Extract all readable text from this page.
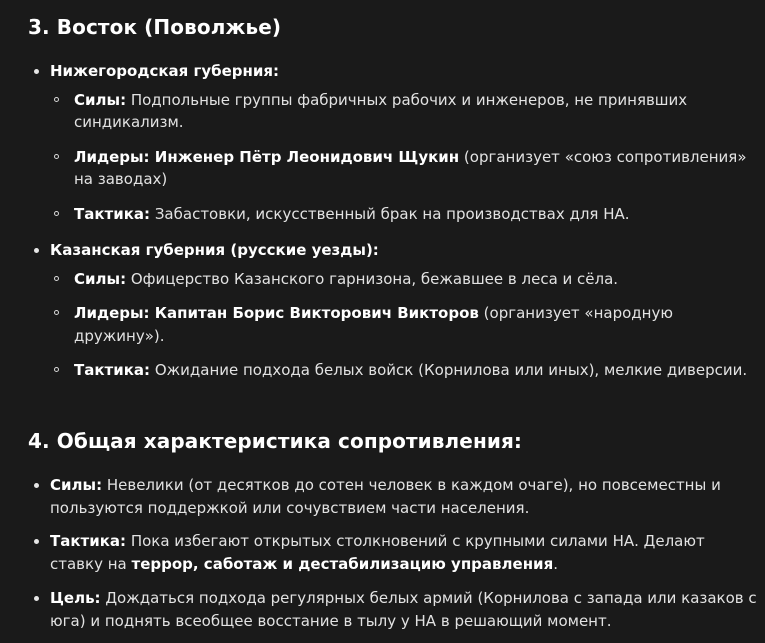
3. Восток (Поволжье)
Нижегородская губерния:
Силы: Подпольные группы фабричных рабочих и инженеров, не принявших синдикализм.
Лидеры: Инженер Пётр Леонидович Щукин (организует «союз сопротивления» на заводах)
Тактика: Забастовки, искусственный брак на производствах для НА.
Казанская губерния (русские уезды):
Силы: Офицерство Казанского гарнизона, бежавшее в леса и сёла.
Лидеры: Капитан Борис Викторович Викторов (организует «народную дружину»).
Тактика: Ожидание подхода белых войск (Корнилова или иных), мелкие диверсии.
4. Общая характеристика сопротивления:
Силы: Невелики (от десятков до сотен человек в каждом очаге), но повсеместны и пользуются поддержкой или сочувствием части населения.
Тактика: Пока избегают открытых столкновений с крупными силами НА. Делают ставку на террор, саботаж и дестабилизацию управления.
Цель: Дождаться подхода регулярных белых армий (Корнилова с запада или казаков с юга) и поднять всеобщее восстание в тылу у НА в решающий момент.
